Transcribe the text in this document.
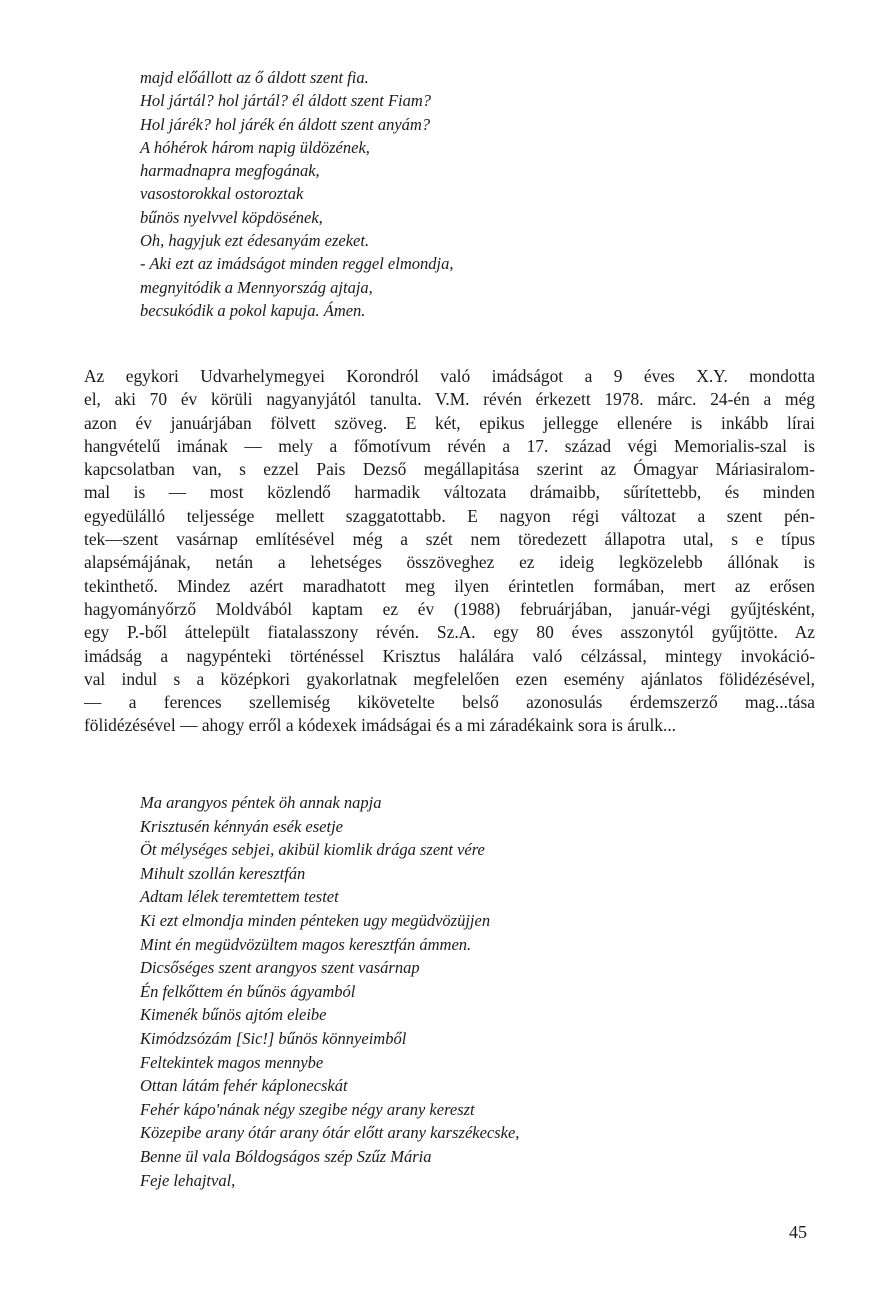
majd előállott az ő áldott szent fia.
Hol jártál? hol jártál? él áldott szent Fiam?
Hol járék? hol járék én áldott szent anyám?
A hóhérok három napig üldözének,
harmadnapra megfogának,
vasostorokkal ostoroztak
bűnös nyelvvel köpdösének,
Oh, hagyjuk ezt édesanyám ezeket.
- Aki ezt az imádságot minden reggel elmondja,
megnyitódik a Mennyország ajtaja,
becsukódik a pokol kapuja. Ámen.
Az egykori Udvarhelymegyei Korondról való imádságot a 9 éves X.Y. mondotta
el, aki 70 év körüli nagyanyjától tanulta. V.M. révén érkezett 1978. márc. 24-én a még
azon év januárjában fölvett szöveg. E két, epikus jellegge ellenére is inkább lírai
hangvételű imának — mely a főmotívum révén a 17. század végi Memorialis-szal is
kapcsolatban van, s ezzel Pais Dezső megállapitása szerint az Ómagyar Máriasiralom-
mal is — most közlendő harmadik változata drámaibb, sűrítettebb, és minden
egyedülálló teljessége mellett szaggatottabb. E nagyon régi változat a szent pén-
tek—szent vasárnap említésével még a szét nem töredezett állapotra utal, s e típus
alapsémájának, netán a lehetséges összöveghez ez ideig legközelebb állónak is
tekinthető. Mindez azért maradhatott meg ilyen érintetlen formában, mert az erősen
hagyományőrző Moldvából kaptam ez év (1988) februárjában, január-végi gyűjtésként,
egy P.-ből áttelepült fiatalasszony révén. Sz.A. egy 80 éves asszonytól gyűjtötte. Az
imádság a nagypénteki történéssel Krisztus halálára való célzással, mintegy invokáció-
val indul s a középkori gyakorlatnak megfelelően ezen esemény ajánlatos fölidézésével,
— a ferences szellemiség kikövetelte belső azonosulás érdemszerző mag...tása
fölidézésével — ahogy erről a kódexek imádságai és a mi záradékaink sora is árulk...
Ma arangyos péntek öh annak napja
Krisztusén kénnyán esék esetje
Öt mélységes sebjei, akibül kiomlik drága szent vére
Mihult szollán keresztfán
Adtam lélek teremtettem testet
Ki ezt elmondja minden pénteken ugy megüdvözüjjen
Mint én megüdvözültem magos keresztfán ámmen.
Dicsőséges szent arangyos szent vasárnap
Én felkőttem én bűnös ágyamból
Kimenék bűnös ajtóm eleibe
Kimódzsózám [Sic!] bűnös könnyeimből
Feltekintek magos mennybe
Ottan látám fehér káplonecskát
Fehér kápo'nának négy szegibe négy arany kereszt
Közepibe arany ótár arany ótár előtt arany karszékecske,
Benne ül vala Bóldogságos szép Szűz Mária
Feje lehajtval,
45
